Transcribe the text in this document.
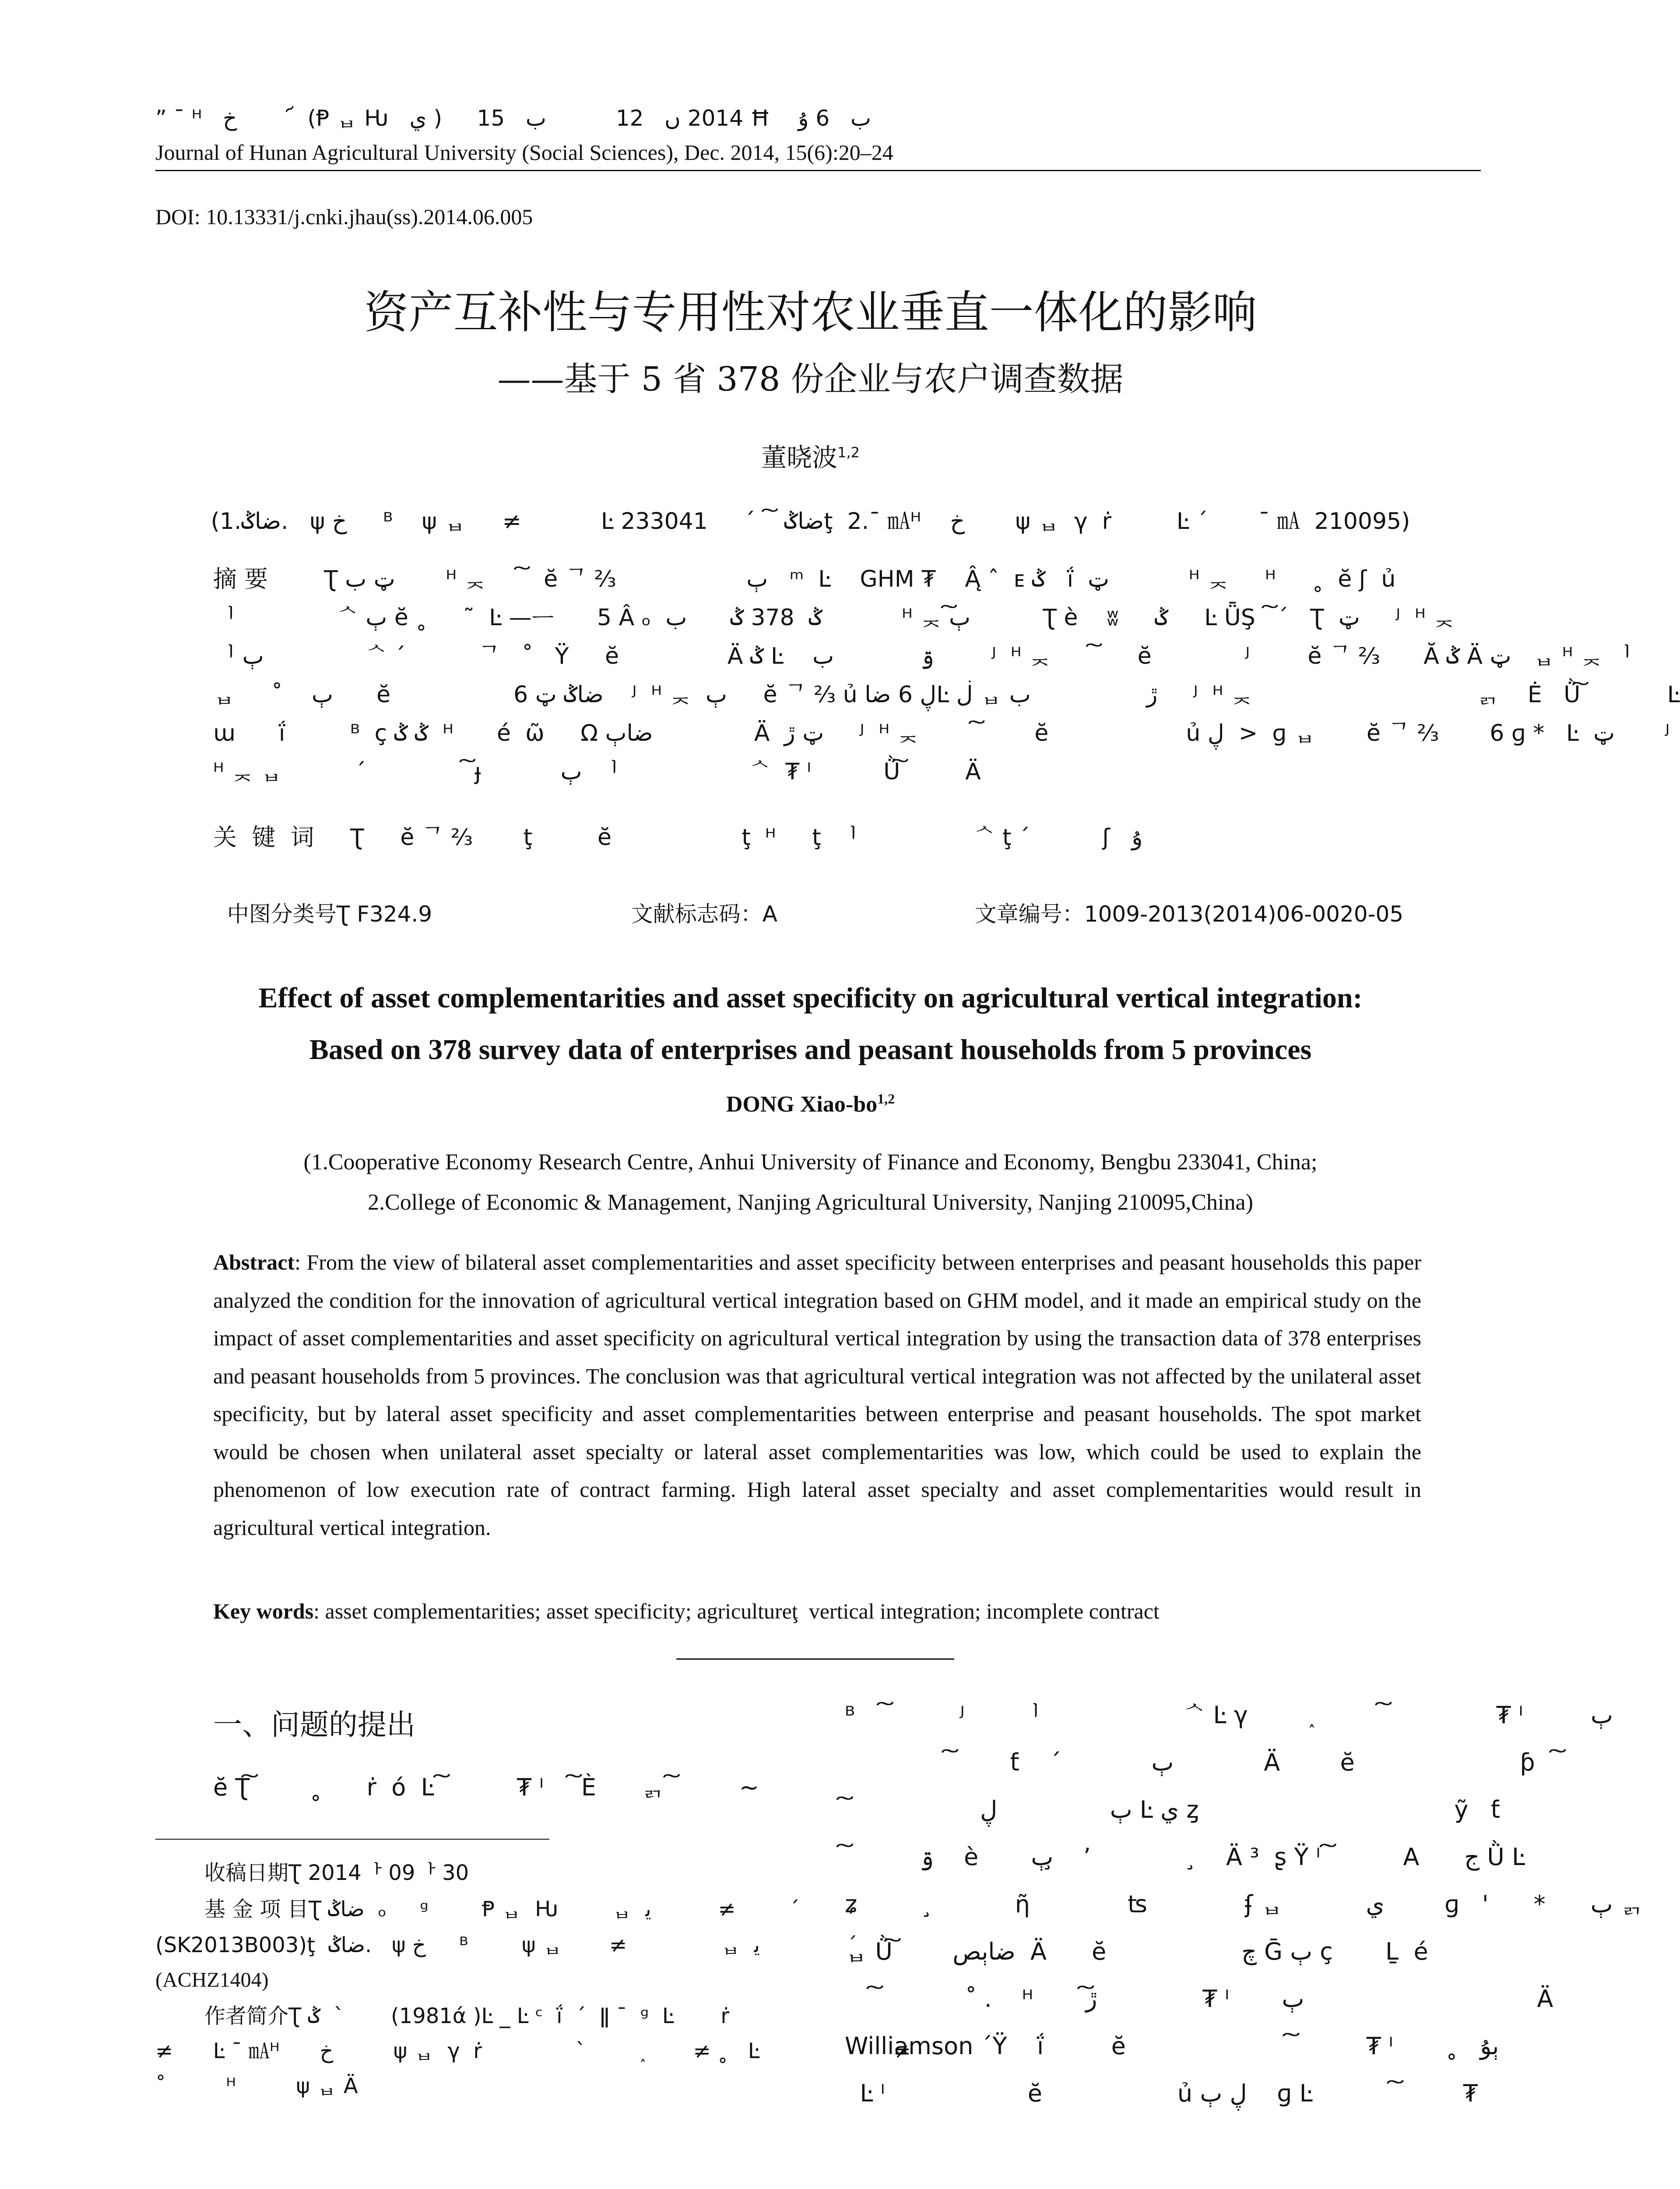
” ¯ ᴴ   خ       ՜  (Ᵽ ᆸ Ƕ   ي )     2014 ں   12          ب   15 Ħ    ب   6 ۇ
Journal of Hunan Agricultural University (Social Sciences), Dec. 2014, 15(6):20–24
DOI: 10.13331/j.cnki.jhau(ss).2014.06.005
资产互补性与专用性对农业垂直一体化的影响
——基于 5 省 378 份企业与农户调查数据
董晓波$^{1,2}$
(1.ضاݣ.   ψ خ     ᴮ    ψ ᆸ     ≠           Ŀ ضاݣ  ͠  ´     233041ţ  2.¯ ㎃ᴴ    خ       ψ ᆸ  γ  ṙ         Ŀ ´       ¯ ㎃  210095)
摘 要 Ʈ ټ ب       ᴴ ᆽ     ͠   ĕ ᄀ ⅔                  ٻ   ᵐ  Ŀ    GHM ₮    Ą̂ ˆ  ᴇ ݣ   ḯ  ټ           ᴴ ᆽ     ᴴ     ˳  ĕ ʃ  ủ
ᅵ              ᄾ ٻ ĕ ˳     ˜  Ŀ —ᅳ      5 Â ₒ  ݣ  378 ݣ      ب           ᴴ ᆽ ٻ͠          Ʈ è    ʬ     ݣ     Ŀ ǕŞ  ͠ ´   Ʈ  ټ     ᴶ  ᴴ ᆽ
ᅵ ٻ              ᄾ ´          ᄀ   ˚   Ÿ     ĕ               Ä ݣ Ŀ    ۊ            ب        ᴶ  ᴴ ᆽ      ͠      ĕ             ᴶ        ĕ ᄀ ⅔      Ă ݣ Ä ټ   ᆸ ᴴ ᆽ ᅵ
ᆸ     ˚    ٻ      ĕ                 6 ضاݣ ټ    ᴶ  ᴴ ᆽ  ٻ     ĕ ᄀ ⅔ ủ ڸ 6 ضاĿ ڶ ᆸ ڙ                ب     ᴶ  ᴴ ᆽ                               ᆰ    Ė   Ǜ͠            Ŀ
ɯ      ḯ         ᴮ  ç ݣ ݣ  ᴴ      é  ῶ     Ω ضاٻ              Ä  ټ ڙ     ᴶ  ᴴ ᆽ        ͠        ĕ                   ủ ڸ  >  ɡ ᆸ       ĕ ᄀ ⅔       6 ɡ *   Ŀ  ټ       ᴶ
ᴴ ᆽ ᆸ          ´              ͠ ɟ           ٻ  ᅵ                  ᄾ  ₮ ᴵ          Ǜ͠         Ä
关  键  词 Ʈ     ĕ ᄀ ⅔       ţ         ĕ                  ţ  ᴴ     ţ  ᅵ                ᄾ ţ ´          ʃ   ۇ

中图分类号Ʈ F324.9	文献标志码：A	文章编号：1009-2013(2014)06-0020-05

Effect of asset complementarities and asset specificity on agricultural vertical integration:
Based on 378 survey data of enterprises and peasant households from 5 provinces
DONG Xiao-bo$^{1,2}$
(1.Cooperative Economy Research Centre, Anhui University of Finance and Economy, Bengbu 233041, China;
2.College of Economic & Management, Nanjing Agricultural University, Nanjing 210095,China)
Abstract: From the view of bilateral asset complementarities and asset specificity between enterprises and peasant households this paper analyzed the condition for the innovation of agricultural vertical integration based on GHM model, and it made an empirical study on the impact of asset complementarities and asset specificity on agricultural vertical integration by using the transaction data of 378 enterprises and peasant households from 5 provinces. The conclusion was that agricultural vertical integration was not affected by the unilateral asset specificity, but by lateral asset specificity and asset complementarities between enterprise and peasant households. The spot market would be chosen when unilateral asset specialty or lateral asset complementarities was low, which could be used to explain the phenomenon of low execution rate of contract farming. High lateral asset specialty and asset complementarities would result in agricultural vertical integration.
Key words: asset complementarities; asset specificity; agricultureţ  vertical integration; incomplete contract
一、问题的提出
ĕ Ʈ͠        ˳      ṙ  ó  Ŀ ͠          ₮ ᴵ    ͠ È      ᆰ ͠         ~
收稿日期Ʈ 2014ᅡ 09ᅡ 30
基 金 项 目Ʈ ضاݣ  ₒ     ᵍ        Ᵽ ᆸ  Ƕ        ᆸ  ﯾ          ≠        ˊ
(SK2013B003)ţ  ضاݣ.   ψ خ     ᴮ        ψ ᆸ       ≠              ᆸ  ﯾ             ˊ
(ACHZ1404)
作者简介Ʈ ݣ  ˋ       (1981ά )Ŀ _ Ŀ ᶜ  ḯ  ´  ǁ ¯  ᵍ  Ŀ       ṙ
≠      Ŀ ¯ ㎃ᴴ      خ         ψ ᆸ  γ  ṙ              ˋ        ˰       ≠ ˳   Ŀ                    ≠
˚         ᴴ         ψ ᆸ Ä
ᴮ    ͠          ᴶ       ᅵ                   ᄾ Ŀ γ        ˰         ͠               ₮ ᴵ         ٻ
͠        ƭ    ´            ٻ            Ä        ĕ                      ƥ   ͠
͠                  ٻ               ڸ Ŀ ي ȥ                                  ỹ   ƭ
͠          ۊ    è       ٻ ̧   ’               ̧   Ä ³  ʂ Ÿ ᴵ ͠          A      ج Ǜ Ŀ
ʑ          ̧           ῆ             ʦ             ʄ ᆸ           ي        ɡ   '      *      ٻ ᆰ
ᆸ Ǜ͠        ضاٻص  Ä      ĕ                  چ Ḡ ٻ ç       Ḻ  é
͠            ˚ .    ᴴ       ڙ͠              ₮ ᴵ       ٻ                               Ä
Williamson ´Ÿ    ḯ         ĕ                      ͠          ₮ ᴵ       ˳   ٻۇ
Ŀ ᴵ                   ĕ                  ủ ڸ ٻ    ɡ Ŀ           ͠         ₮
